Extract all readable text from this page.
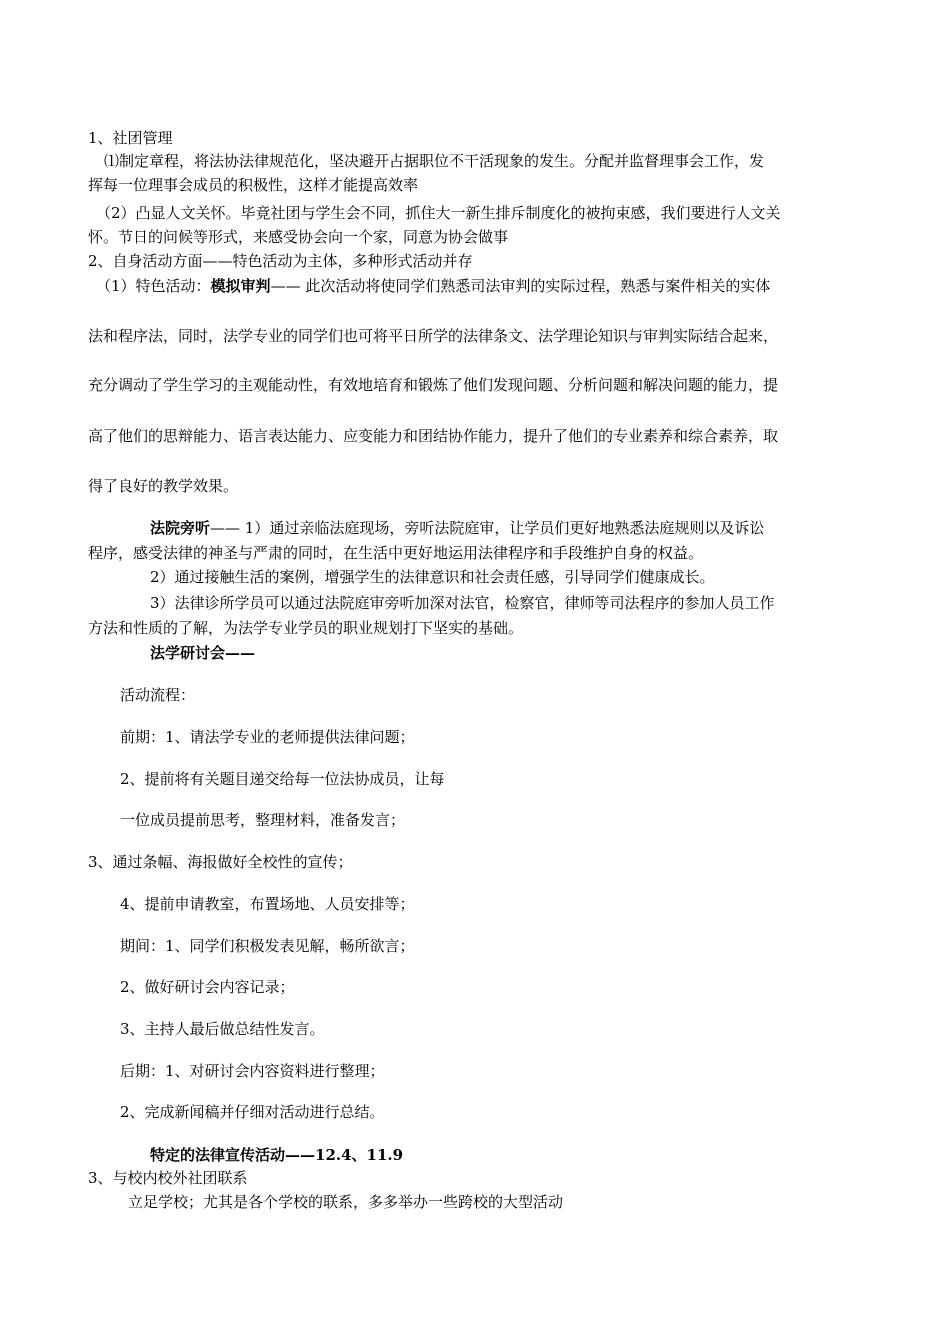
1、社团管理
⑴制定章程，将法协法律规范化，坚决避开占据职位不干活现象的发生。分配并监督理事会工作，发
挥每一位理事会成员的积极性，这样才能提高效率
（2）凸显人文关怀。毕竟社团与学生会不同，抓住大一新生排斥制度化的被拘束感，我们要进行人文关
怀。节日的问候等形式，来感受协会向一个家，同意为协会做事
2、自身活动方面——特色活动为主体，多种形式活动并存
（1）特色活动：模拟审判—— 此次活动将使同学们熟悉司法审判的实际过程，熟悉与案件相关的实体
法和程序法，同时，法学专业的同学们也可将平日所学的法律条文、法学理论知识与审判实际结合起来，
充分调动了学生学习的主观能动性，有效地培育和锻炼了他们发现问题、分析问题和解决问题的能力，提
高了他们的思辩能力、语言表达能力、应变能力和团结协作能力，提升了他们的专业素养和综合素养，取
得了良好的教学效果。
法院旁听—— 1）通过亲临法庭现场，旁听法院庭审，让学员们更好地熟悉法庭规则以及诉讼
程序，感受法律的神圣与严肃的同时，在生活中更好地运用法律程序和手段维护自身的权益。
2）通过接触生活的案例，增强学生的法律意识和社会责任感，引导同学们健康成长。
3）法律诊所学员可以通过法院庭审旁听加深对法官，检察官，律师等司法程序的参加人员工作
方法和性质的了解，为法学专业学员的职业规划打下坚实的基础。
法学研讨会——
活动流程：
前期：1、请法学专业的老师提供法律问题；
2、提前将有关题目递交给每一位法协成员，让每
一位成员提前思考，整理材料，准备发言；
3、通过条幅、海报做好全校性的宣传；
4、提前申请教室，布置场地、人员安排等；
期间：1、同学们积极发表见解，畅所欲言；
2、做好研讨会内容记录；
3、主持人最后做总结性发言。
后期：1、对研讨会内容资料进行整理；
2、完成新闻稿并仔细对活动进行总结。
特定的法律宣传活动——12.4、11.9
3、与校内校外社团联系
立足学校；尤其是各个学校的联系，多多举办一些跨校的大型活动
